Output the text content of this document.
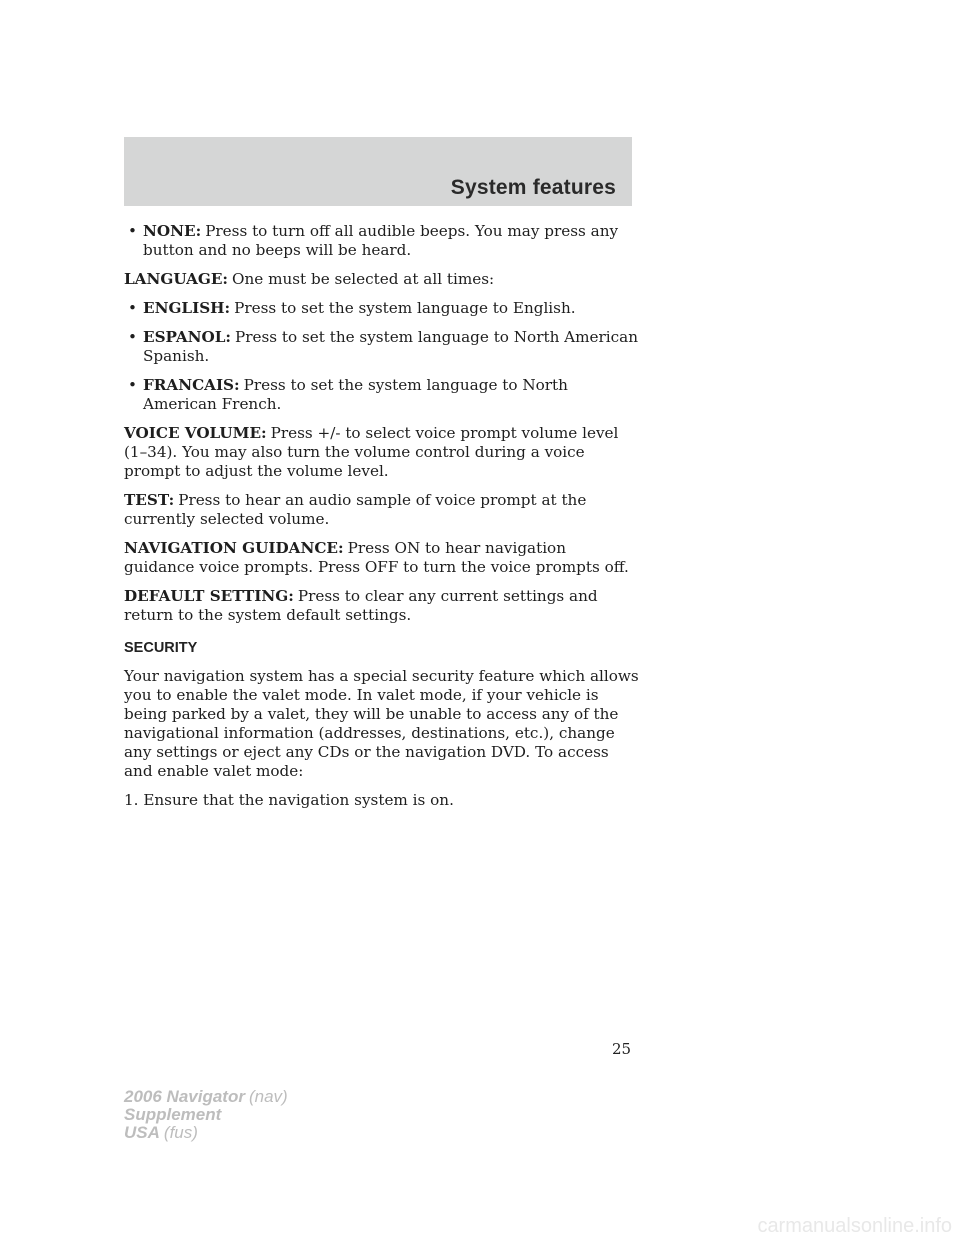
System features
• NONE: Press to turn off all audible beeps. You may press any button and no beeps will be heard.

LANGUAGE: One must be selected at all times:

• ENGLISH: Press to set the system language to English.
• ESPANOL: Press to set the system language to North American Spanish.
• FRANCAIS: Press to set the system language to North American French.

VOICE VOLUME: Press +/- to select voice prompt volume level (1–34). You may also turn the volume control during a voice prompt to adjust the volume level.

TEST: Press to hear an audio sample of voice prompt at the currently selected volume.

NAVIGATION GUIDANCE: Press ON to hear navigation guidance voice prompts. Press OFF to turn the voice prompts off.

DEFAULT SETTING: Press to clear any current settings and return to the system default settings.

SECURITY

Your navigation system has a special security feature which allows you to enable the valet mode. In valet mode, if your vehicle is being parked by a valet, they will be unable to access any of the navigational information (addresses, destinations, etc.), change any settings or eject any CDs or the navigation DVD. To access and enable valet mode:

1. Ensure that the navigation system is on.

25
2006 Navigator (nav)
Supplement
USA (fus)
carmanualsonline.info
